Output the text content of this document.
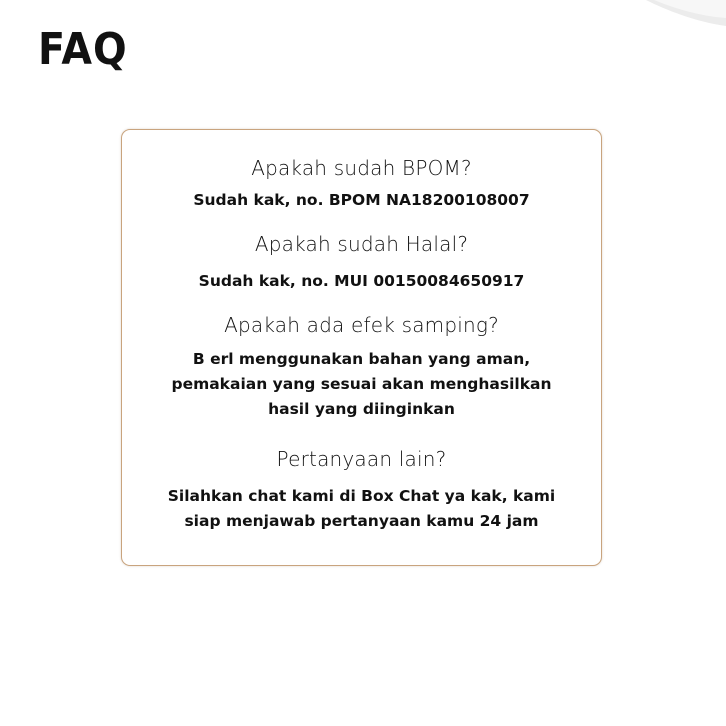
FAQ

Apakah sudah BPOM?

Sudah kak, no. BPOM NA18200108007

Apakah sudah Halal?

Sudah kak, no. MUI 00150084650917

Apakah ada efek samping?

B erl menggunakan bahan yang aman,
pemakaian yang sesuai akan menghasilkan
hasil yang diinginkan

Pertanyaan lain?

Silahkan chat kami di Box Chat ya kak, kami
siap menjawab pertanyaan kamu 24 jam
